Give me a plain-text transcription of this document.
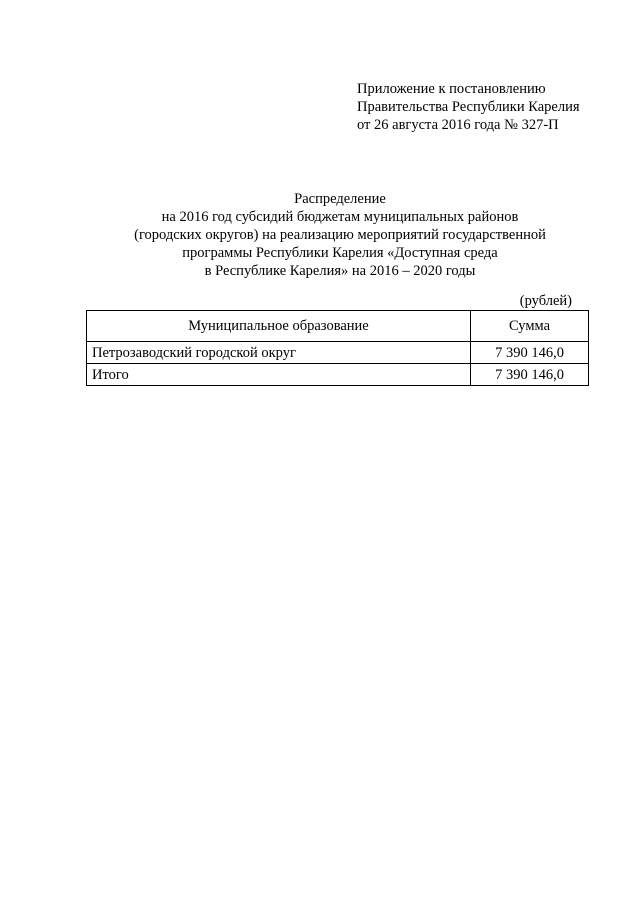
Приложение к постановлению
Правительства Республики Карелия
от 26 августа 2016 года № 327-П
Распределение
на 2016 год субсидий бюджетам муниципальных районов
(городских округов) на реализацию мероприятий государственной
программы Республики Карелия «Доступная среда
в Республике Карелия» на 2016 – 2020 годы
(рублей)
Муниципальное образование	Сумма
Петрозаводский городской округ	7 390 146,0
Итого	7 390 146,0
